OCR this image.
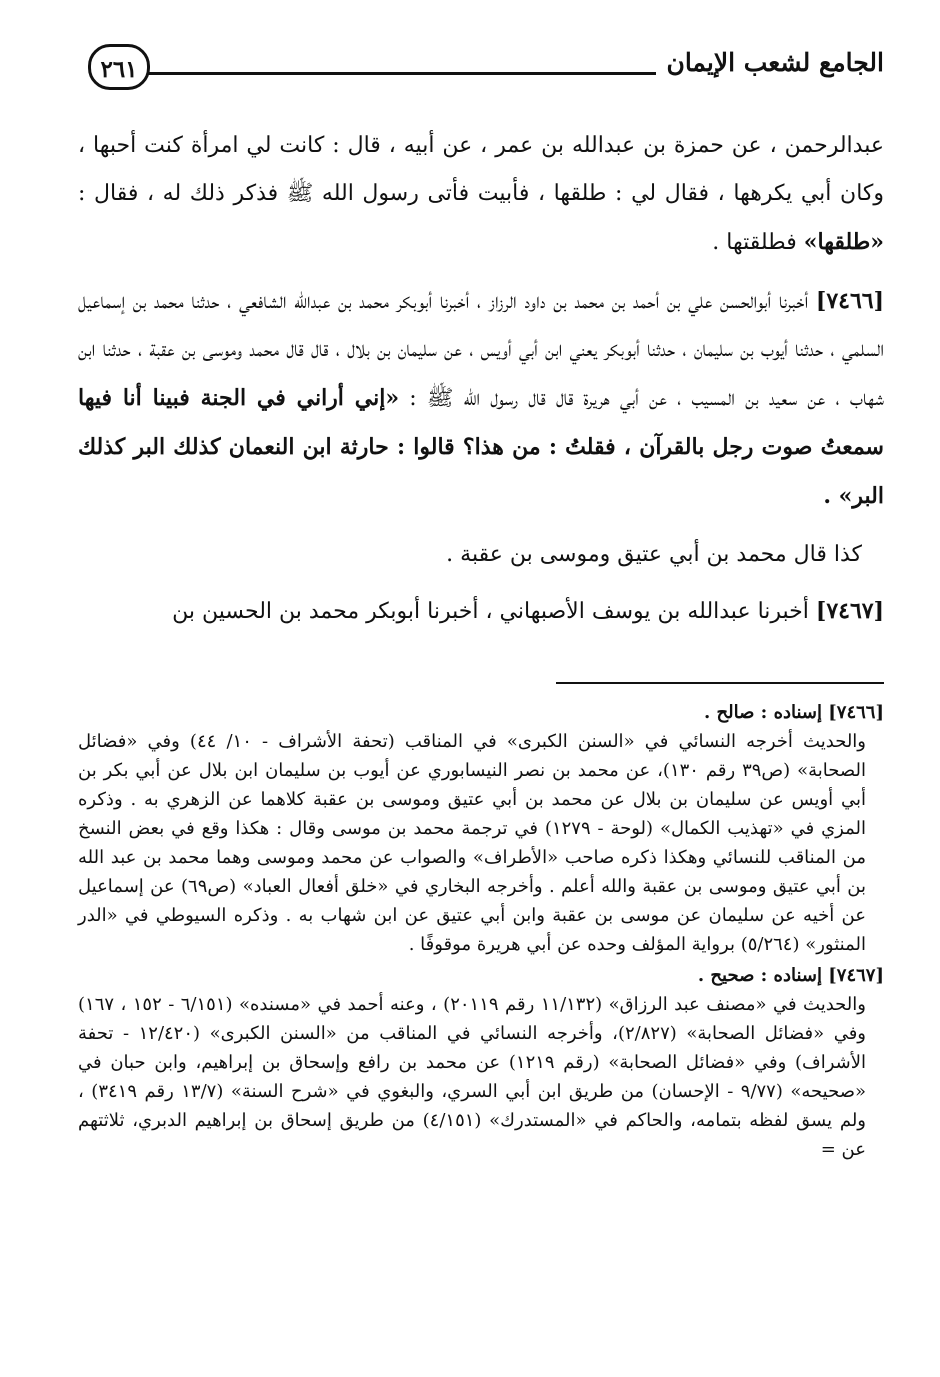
الجامع لشعب الإيمان
٢٦١

عبدالرحمن ، عن حمزة بن عبدالله بن عمر ، عن أبيه ، قال : كانت لي امرأة كنت أحبها ، وكان أبي يكرهها ، فقال لي : طلقها ، فأبيت فأتى رسول الله ﷺ فذكر ذلك له ، فقال : «طلقها» فطلقتها .

[٧٤٦٦] أخبرنا أبوالحسن علي بن أحمد بن محمد بن داود الرزاز ، أخبرنا أبوبكر محمد بن عبدالله الشافعي ، حدثنا محمد بن إسماعيل السلمي ، حدثنا أيوب بن سليمان ، حدثنا أبوبكر يعني ابن أبي أويس ، عن سليمان بن بلال ، قال قال محمد وموسى بن عقبة ، حدثنا ابن شهاب ، عن سعيد بن المسيب ، عن أبي هريرة قال قال رسول الله ﷺ : «إني أراني في الجنة فبينا أنا فيها سمعتُ صوت رجل بالقرآن ، فقلتُ : من هذا؟ قالوا : حارثة ابن النعمان كذلك البر كذلك البر» .

كذا قال محمد بن أبي عتيق وموسى بن عقبة .

[٧٤٦٧] أخبرنا عبدالله بن يوسف الأصبهاني ، أخبرنا أبوبكر محمد بن الحسين بن

[٧٤٦٦] إسناده : صالح .

والحديث أخرجه النسائي في «السنن الكبرى» في المناقب (تحفة الأشراف - ١٠/ ٤٤) وفي «فضائل الصحابة» (ص٣٩ رقم ١٣٠)، عن محمد بن نصر النيسابوري عن أيوب بن سليمان ابن بلال عن أبي بكر بن أبي أويس عن سليمان بن بلال عن محمد بن أبي عتيق وموسى بن عقبة كلاهما عن الزهري به . وذكره المزي في «تهذيب الكمال» (لوحة - ١٢٧٩) في ترجمة محمد بن موسى وقال : هكذا وقع في بعض النسخ من المناقب للنسائي وهكذا ذكره صاحب «الأطراف» والصواب عن محمد وموسى وهما محمد بن عبد الله بن أبي عتيق وموسى بن عقبة والله أعلم . وأخرجه البخاري في «خلق أفعال العباد» (ص٦٩) عن إسماعيل عن أخيه عن سليمان عن موسى بن عقبة وابن أبي عتيق عن ابن شهاب به . وذكره السيوطي في «الدر المنثور» (٥/٢٦٤) برواية المؤلف وحده عن أبي هريرة موقوفًا .

[٧٤٦٧] إسناده : صحيح .

والحديث في «مصنف عبد الرزاق» (١١/١٣٢ رقم ٢٠١١٩) ، وعنه أحمد في «مسنده» (٦/١٥١ - ١٥٢ ، ١٦٧) وفي «فضائل الصحابة» (٢/٨٢٧)، وأخرجه النسائي في المناقب من «السنن الكبرى» (١٢/٤٢٠ - تحفة الأشراف) وفي «فضائل الصحابة» (رقم ١٢١٩) عن محمد بن رافع وإسحاق بن إبراهيم، وابن حبان في «صحيحه» (٩/٧٧ - الإحسان) من طريق ابن أبي السري، والبغوي في «شرح السنة» (١٣/٧ رقم ٣٤١٩) ، ولم يسق لفظه بتمامه، والحاكم في «المستدرك» (٤/١٥١) من طريق إسحاق بن إبراهيم الدبري، ثلاثتهم عن =
